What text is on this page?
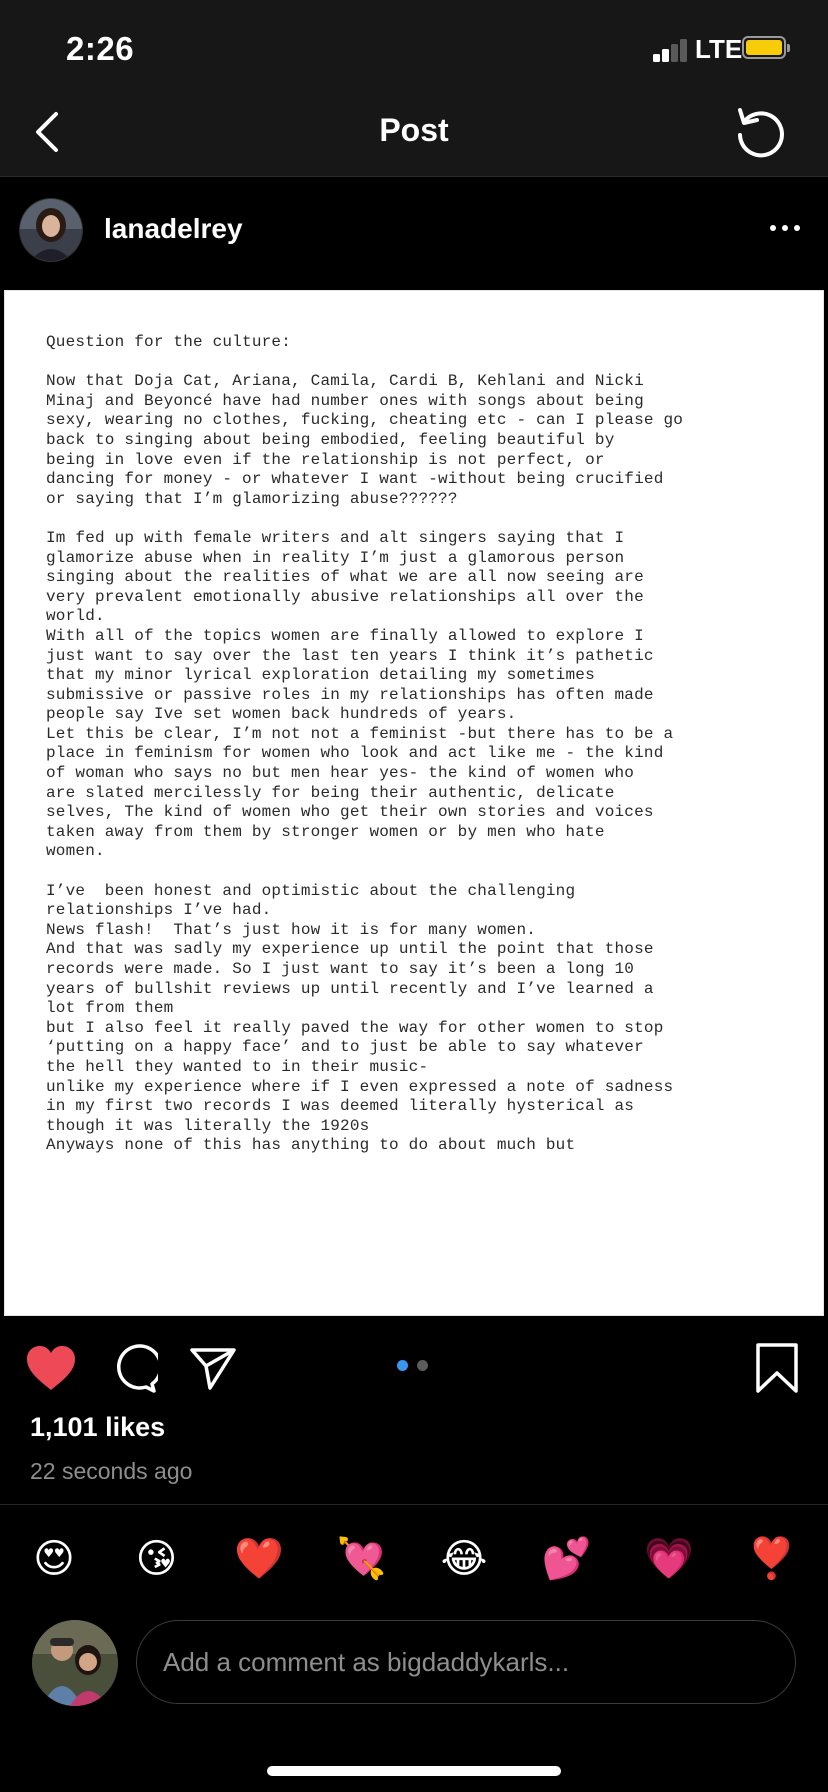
2:26	LTE
Post
lanadelrey

Question for the culture:

Now that Doja Cat, Ariana, Camila, Cardi B, Kehlani and Nicki

Minaj and Beyoncé have had number ones with songs about being

sexy, wearing no clothes, fucking, cheating etc - can I please go

back to singing about being embodied, feeling beautiful by

being in love even if the relationship is not perfect, or

dancing for money - or whatever I want -without being crucified

or saying that I’m glamorizing abuse??????

Im fed up with female writers and alt singers saying that I

glamorize abuse when in reality I’m just a glamorous person

singing about the realities of what we are all now seeing are

very prevalent emotionally abusive relationships all over the

world.

With all of the topics women are finally allowed to explore I

just want to say over the last ten years I think it’s pathetic

that my minor lyrical exploration detailing my sometimes

submissive or passive roles in my relationships has often made

people say Ive set women back hundreds of years.

Let this be clear, I’m not not a feminist -but there has to be a

place in feminism for women who look and act like me - the kind

of woman who says no but men hear yes- the kind of women who

are slated mercilessly for being their authentic, delicate

selves, The kind of women who get their own stories and voices

taken away from them by stronger women or by men who hate

women.

I’ve  been honest and optimistic about the challenging

relationships I’ve had.

News flash!  That’s just how it is for many women.

And that was sadly my experience up until the point that those

records were made. So I just want to say it’s been a long 10

years of bullshit reviews up until recently and I’ve learned a

lot from them

but I also feel it really paved the way for other women to stop

‘putting on a happy face’ and to just be able to say whatever

the hell they wanted to in their music-

unlike my experience where if I even expressed a note of sadness

in my first two records I was deemed literally hysterical as

though it was literally the 1920s

Anyways none of this has anything to do about much but

1,101 likes
22 seconds ago
😍 😘 ❤️ 💘 😂 💕 💗 ❣️
Add a comment as bigdaddykarls...
